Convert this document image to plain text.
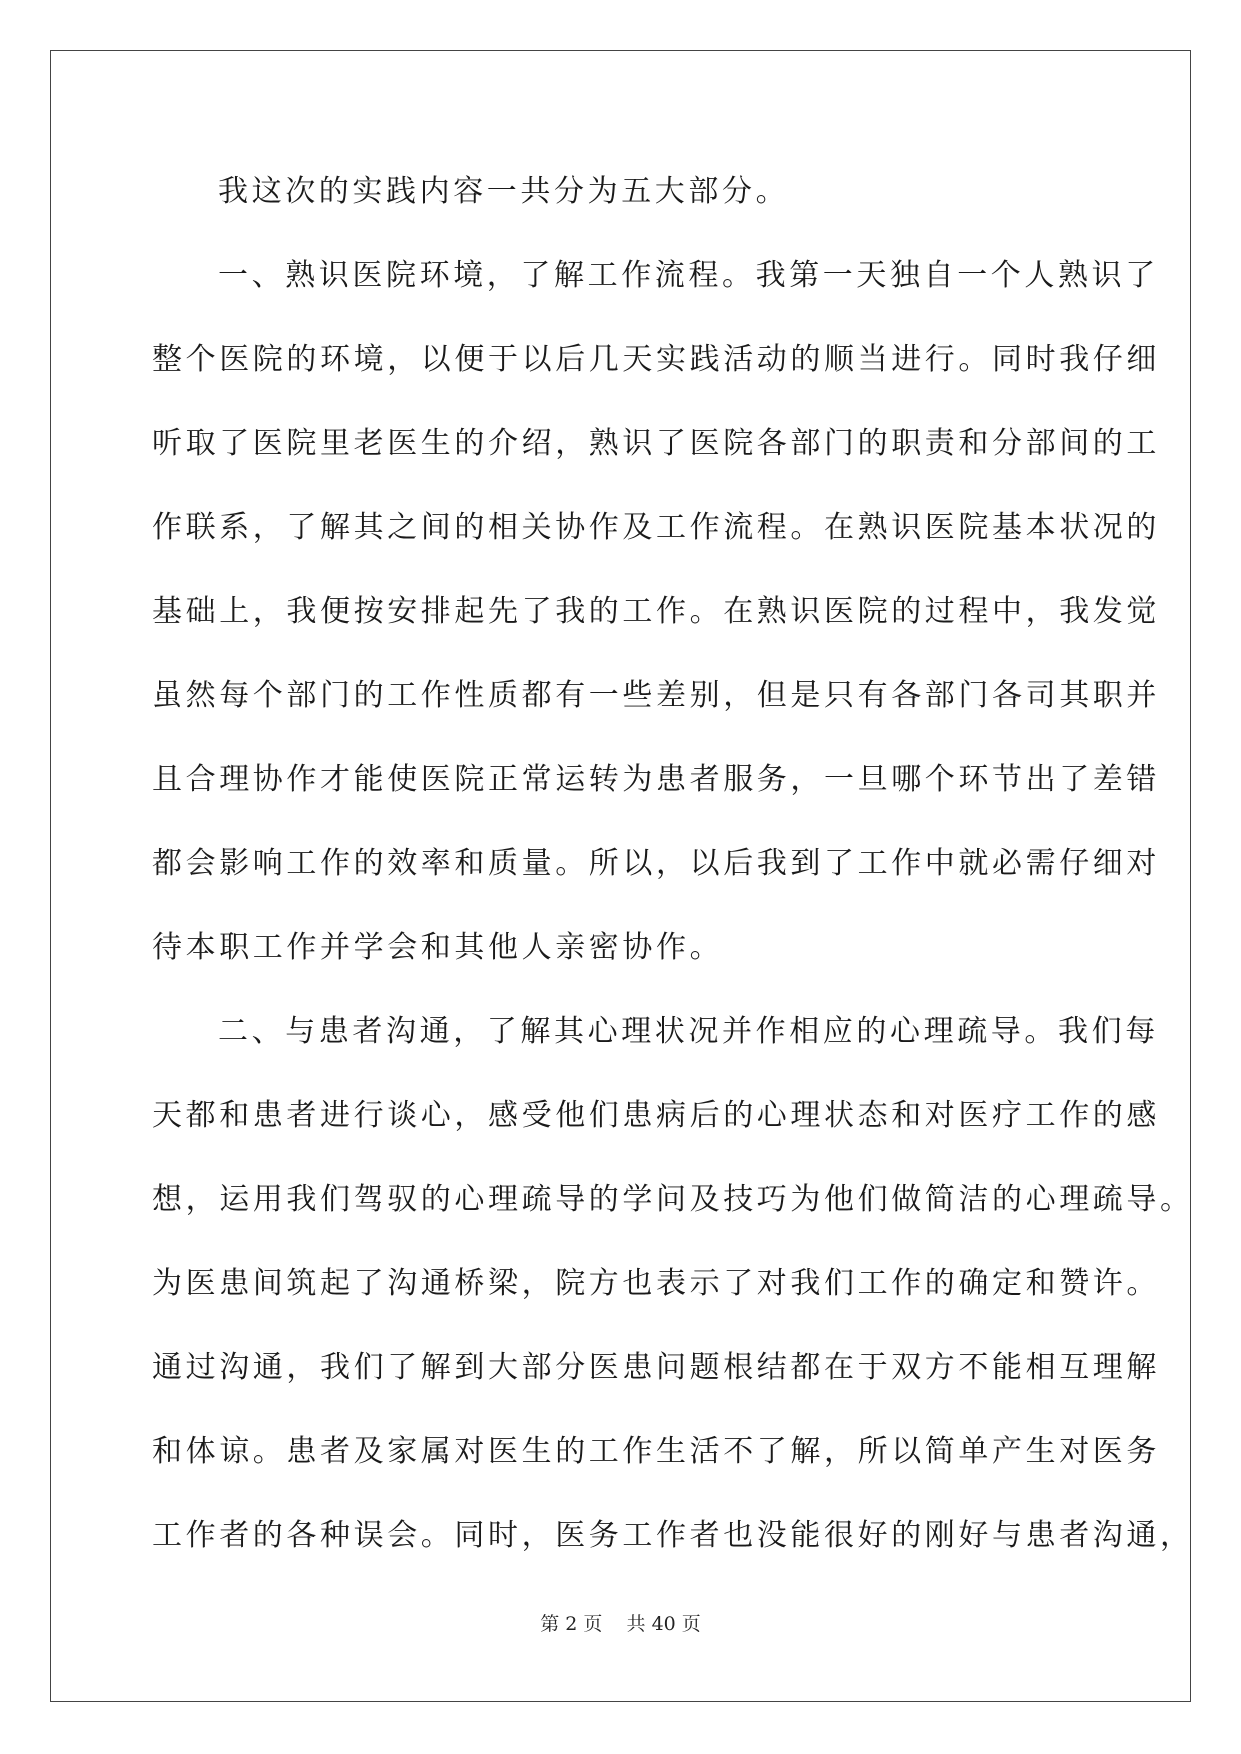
我这次的实践内容一共分为五大部分。
一、熟识医院环境，了解工作流程。我第一天独自一个人熟识了
整个医院的环境，以便于以后几天实践活动的顺当进行。同时我仔细
听取了医院里老医生的介绍，熟识了医院各部门的职责和分部间的工
作联系，了解其之间的相关协作及工作流程。在熟识医院基本状况的
基础上，我便按安排起先了我的工作。在熟识医院的过程中，我发觉
虽然每个部门的工作性质都有一些差别，但是只有各部门各司其职并
且合理协作才能使医院正常运转为患者服务，一旦哪个环节出了差错
都会影响工作的效率和质量。所以，以后我到了工作中就必需仔细对
待本职工作并学会和其他人亲密协作。
二、与患者沟通，了解其心理状况并作相应的心理疏导。我们每
天都和患者进行谈心，感受他们患病后的心理状态和对医疗工作的感
想，运用我们驾驭的心理疏导的学问及技巧为他们做简洁的心理疏导。
为医患间筑起了沟通桥梁，院方也表示了对我们工作的确定和赞许。
通过沟通，我们了解到大部分医患问题根结都在于双方不能相互理解
和体谅。患者及家属对医生的工作生活不了解，所以简单产生对医务
工作者的各种误会。同时，医务工作者也没能很好的刚好与患者沟通，
第 2 页    共 40 页
